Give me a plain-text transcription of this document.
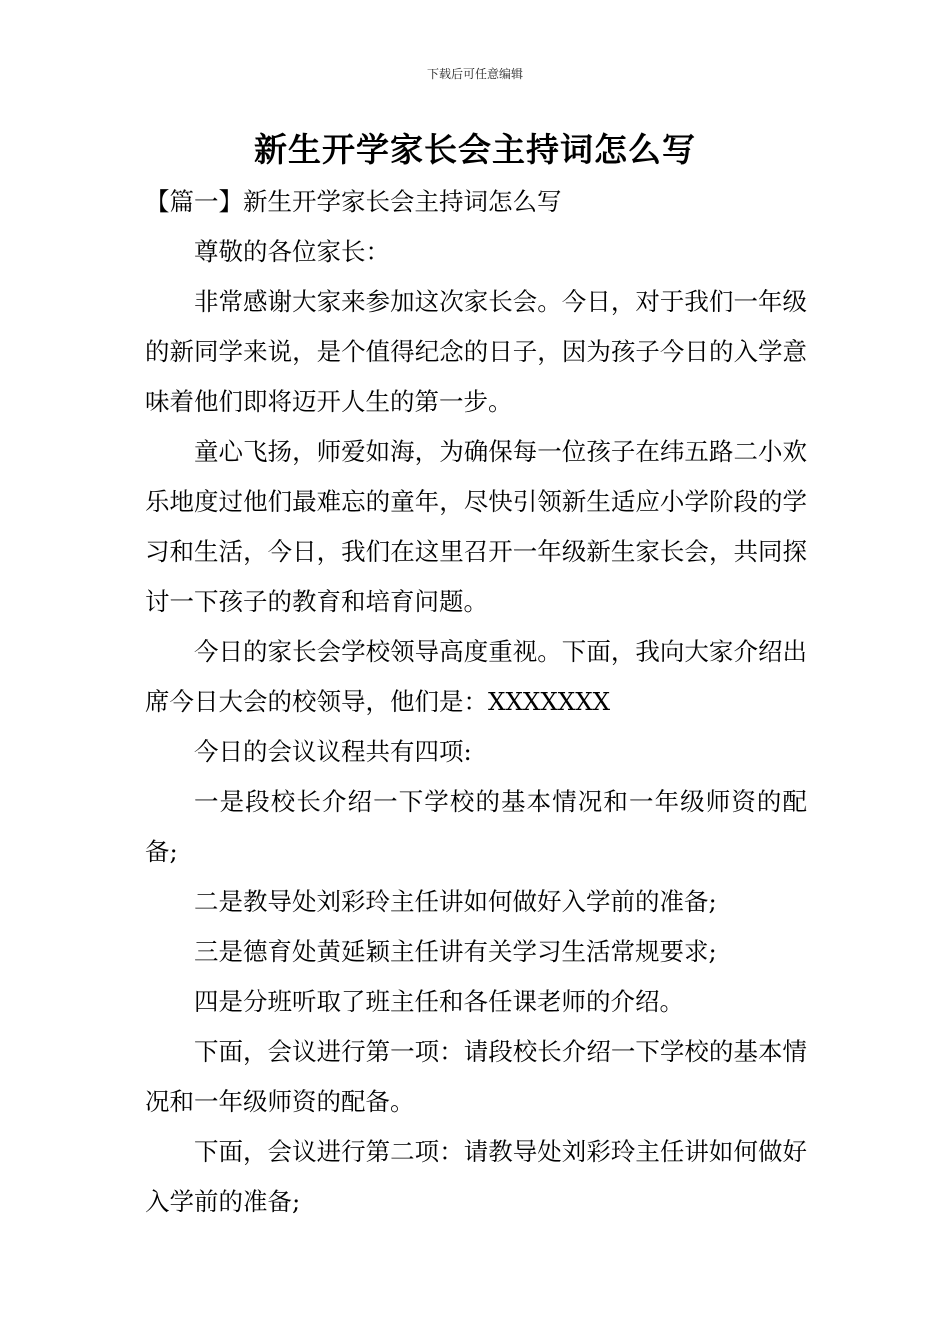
下载后可任意编辑
新生开学家长会主持词怎么写

【篇一】新生开学家长会主持词怎么写

尊敬的各位家长：

非常感谢大家来参加这次家长会。今日，对于我们一年级的新同学来说，是个值得纪念的日子，因为孩子今日的入学意味着他们即将迈开人生的第一步。

童心飞扬，师爱如海，为确保每一位孩子在纬五路二小欢乐地度过他们最难忘的童年，尽快引领新生适应小学阶段的学习和生活，今日，我们在这里召开一年级新生家长会，共同探讨一下孩子的教育和培育问题。

今日的家长会学校领导高度重视。下面，我向大家介绍出席今日大会的校领导，他们是：XXXXXXX

今日的会议议程共有四项:

一是段校长介绍一下学校的基本情况和一年级师资的配备;

二是教导处刘彩玲主任讲如何做好入学前的准备;

三是德育处黄延颖主任讲有关学习生活常规要求;

四是分班听取了班主任和各任课老师的介绍。

下面，会议进行第一项：请段校长介绍一下学校的基本情况和一年级师资的配备。

下面，会议进行第二项：请教导处刘彩玲主任讲如何做好入学前的准备;
